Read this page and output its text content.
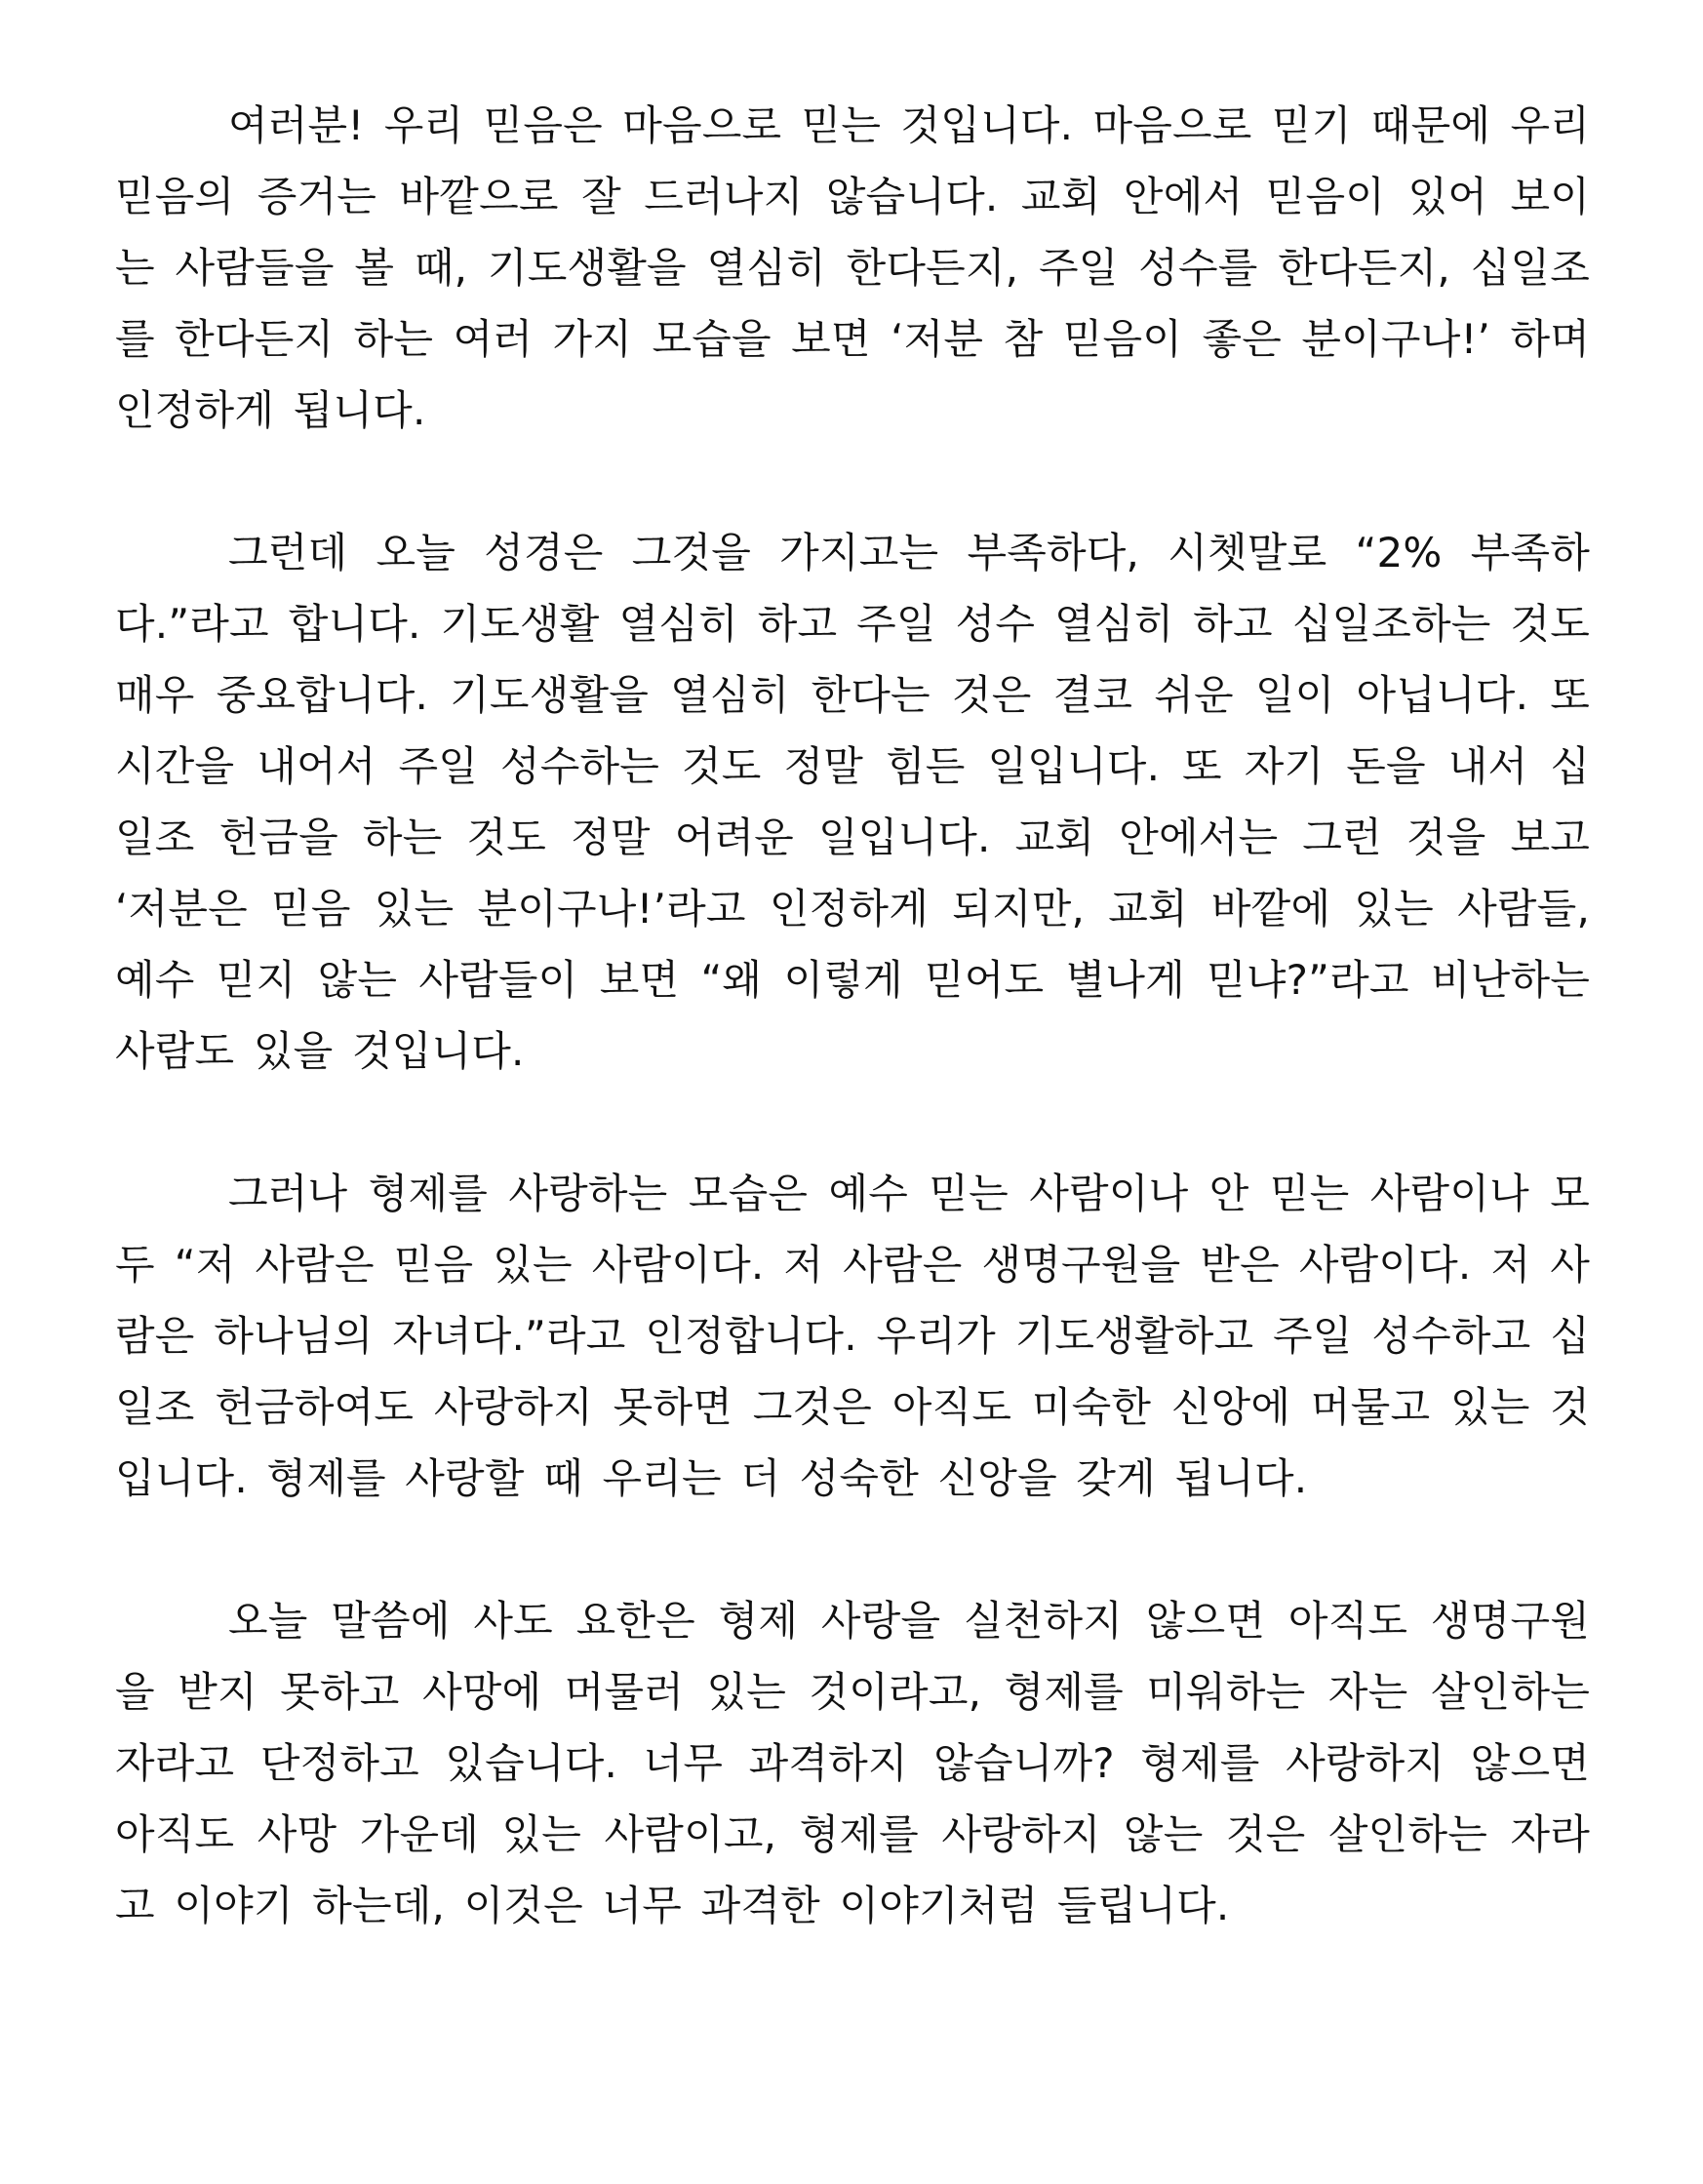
여러분! 우리 믿음은 마음으로 믿는 것입니다. 마음으로 믿기 때문에 우리 믿음의 증거는 바깥으로 잘 드러나지 않습니다. 교회 안에서 믿음이 있어 보이는 사람들을 볼 때, 기도생활을 열심히 한다든지, 주일 성수를 한다든지, 십일조를 한다든지 하는 여러 가지 모습을 보면 ‘저분 참 믿음이 좋은 분이구나!’ 하며 인정하게 됩니다.

그런데 오늘 성경은 그것을 가지고는 부족하다, 시쳇말로 “2% 부족하다.”라고 합니다. 기도생활 열심히 하고 주일 성수 열심히 하고 십일조하는 것도 매우 중요합니다. 기도생활을 열심히 한다는 것은 결코 쉬운 일이 아닙니다. 또 시간을 내어서 주일 성수하는 것도 정말 힘든 일입니다. 또 자기 돈을 내서 십일조 헌금을 하는 것도 정말 어려운 일입니다. 교회 안에서는 그런 것을 보고 ‘저분은 믿음 있는 분이구나!’라고 인정하게 되지만, 교회 바깥에 있는 사람들, 예수 믿지 않는 사람들이 보면 “왜 이렇게 믿어도 별나게 믿냐?”라고 비난하는 사람도 있을 것입니다.

그러나 형제를 사랑하는 모습은 예수 믿는 사람이나 안 믿는 사람이나 모두 “저 사람은 믿음 있는 사람이다. 저 사람은 생명구원을 받은 사람이다. 저 사람은 하나님의 자녀다.”라고 인정합니다. 우리가 기도생활하고 주일 성수하고 십일조 헌금하여도 사랑하지 못하면 그것은 아직도 미숙한 신앙에 머물고 있는 것입니다. 형제를 사랑할 때 우리는 더 성숙한 신앙을 갖게 됩니다.

오늘 말씀에 사도 요한은 형제 사랑을 실천하지 않으면 아직도 생명구원을 받지 못하고 사망에 머물러 있는 것이라고, 형제를 미워하는 자는 살인하는 자라고 단정하고 있습니다. 너무 과격하지 않습니까? 형제를 사랑하지 않으면 아직도 사망 가운데 있는 사람이고, 형제를 사랑하지 않는 것은 살인하는 자라고 이야기 하는데, 이것은 너무 과격한 이야기처럼 들립니다.
